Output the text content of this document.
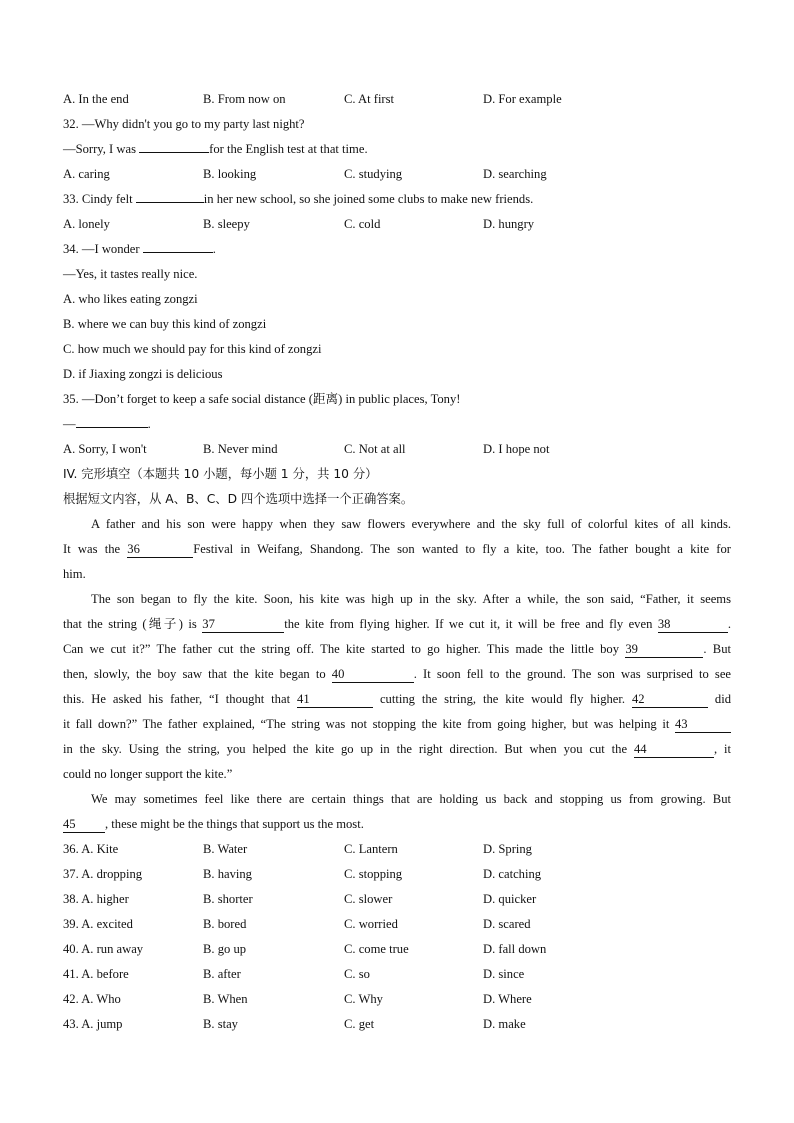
A. In the end	B. From now on	C. At first	D. For example
32. —Why didn't you go to my party last night?
—Sorry, I was	for the English test at that time.
A. caring	B. looking	C. studying	D. searching
33. Cindy felt	in her new school, so she joined some clubs to make new friends.
A. lonely	B. sleepy	C. cold	D. hungry
34. —I wonder	.
—Yes, it tastes really nice.
A. who likes eating zongzi
B. where we can buy this kind of zongzi
C. how much we should pay for this kind of zongzi
D. if Jiaxing zongzi is delicious
35. —Don’t forget to keep a safe social distance (距离) in public places, Tony!
—	.
A. Sorry, I won't	B. Never mind	C. Not at all	D. I hope not
IV. 完形填空（本题共 10 小题，每小题 1 分，共 10 分）
根据短文内容，从 A、B、C、D 四个选项中选择一个正确答案。
A father and his son were happy when they saw flowers everywhere and the sky full of colorful kites of all kinds.
It was the 36	Festival in Weifang, Shandong. The son wanted to fly a kite, too. The father bought a kite for
him.
The son began to fly the kite. Soon, his kite was high up in the sky. After a while, the son said, “Father, it seems
that the string (绳子) is 37	the kite from flying higher. If we cut it, it will be free and fly even 38	.
Can we cut it?” The father cut the string off. The kite started to go higher. This made the little boy 39	. But
then, slowly, the boy saw that the kite began to 40	. It soon fell to the ground. The son was surprised to see
this. He asked his father, “I thought that 41	cutting the string, the kite would fly higher. 42	did
it fall down?” The father explained, “The string was not stopping the kite from going higher, but was helping it 43
in the sky. Using the string, you helped the kite go up in the right direction. But when you cut the 44	, it
could no longer support the kite.”
We may sometimes feel like there are certain things that are holding us back and stopping us from growing. But
45 , these might be the things that support us the most.
36. A. Kite	B. Water	C. Lantern	D. Spring
37. A. dropping	B. having	C. stopping	D. catching
38. A. higher	B. shorter	C. slower	D. quicker
39. A. excited	B. bored	C. worried	D. scared
40. A. run away	B. go up	C. come true	D. fall down
41. A. before	B. after	C. so	D. since
42. A. Who	B. When	C. Why	D. Where
43. A. jump	B. stay	C. get	D. make
